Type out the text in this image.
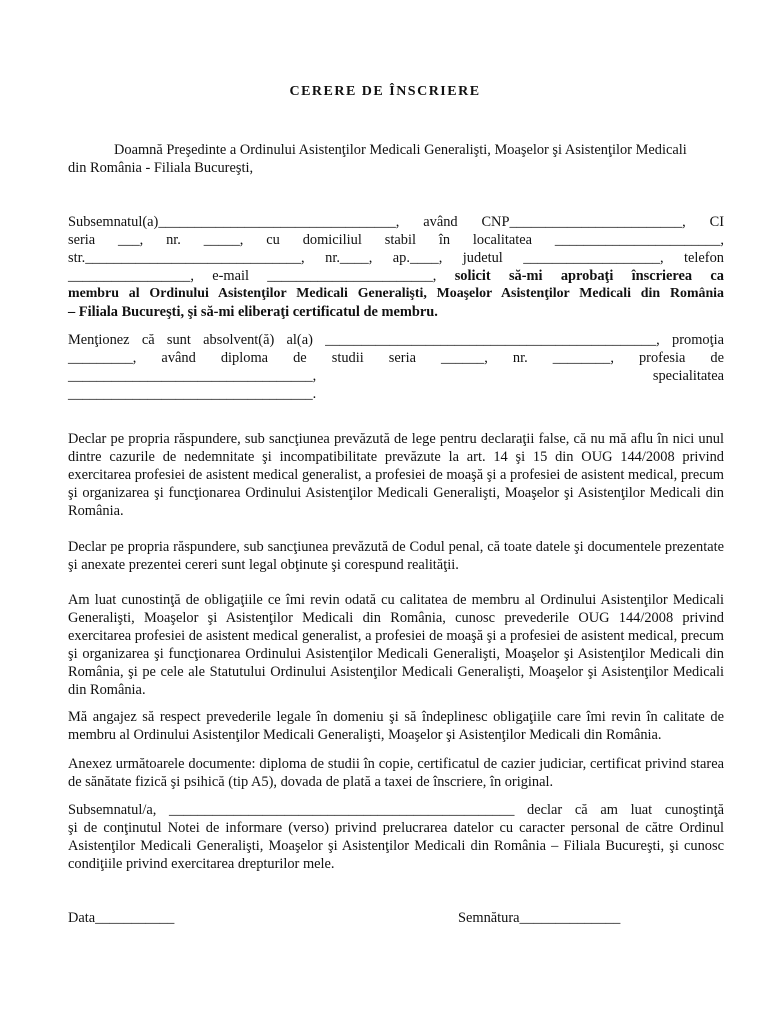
CERERE DE ÎNSCRIERE

Doamnă Preşedinte a Ordinului Asistenţilor Medicali Generalişti, Moaşelor şi Asistenţilor Medicali

din România - Filiala Bucureşti,

Subsemnatul(a)_________________________________, având CNP________________________, CI

seria ___, nr. _____, cu domiciliul stabil în localitatea _______________________,

str.______________________________, nr.____, ap.____, judetul ___________________, telefon

_________________, e-mail _______________________, solicit să-mi aprobaţi înscrierea ca

membru al Ordinului Asistenţilor Medicali Generalişti, Moaşelor Asistenţilor Medicali din România

– Filiala Bucureşti, şi să-mi eliberaţi certificatul de membru.

Menţionez că sunt absolvent(ă) al(a) ______________________________________________, promoţia

_________, având diploma de studii seria ______, nr. ________, profesia de

__________________________________, specialitatea

__________________________________.

Declar pe propria răspundere, sub sancţiunea prevăzută de lege pentru declaraţii false, că nu mă aflu în nici unul dintre cazurile de nedemnitate şi incompatibilitate prevăzute la art. 14 şi 15 din OUG 144/2008 privind exercitarea profesiei de asistent medical generalist, a profesiei de moaşă şi a profesiei de asistent medical, precum şi organizarea şi funcţionarea Ordinului Asistenţilor Medicali Generalişti, Moaşelor şi Asistenţilor Medicali din România.

Declar pe propria răspundere, sub sancţiunea prevăzută de Codul penal, că toate datele şi documentele prezentate şi anexate prezentei cereri sunt legal obţinute şi corespund realităţii.

Am luat cunostinţă de obligaţiile ce îmi revin odată cu calitatea de membru al Ordinului Asistenţilor Medicali Generalişti, Moaşelor şi Asistenţilor Medicali din România, cunosc prevederile OUG 144/2008 privind exercitarea profesiei de asistent medical generalist, a profesiei de moaşă şi a profesiei de asistent medical, precum şi organizarea şi funcţionarea Ordinului Asistenţilor Medicali Generalişti, Moaşelor şi Asistenţilor Medicali din România, şi pe cele ale Statutului Ordinului Asistenţilor Medicali Generalişti, Moaşelor şi Asistenţilor Medicali din România.

Mă angajez să respect prevederile legale în domeniu şi să îndeplinesc obligaţiile care îmi revin în calitate de membru al Ordinului Asistenţilor Medicali Generalişti, Moaşelor şi Asistenţilor Medicali din România.

Anexez următoarele documente: diploma de studii în copie, certificatul de cazier judiciar, certificat privind starea de sănătate fizică şi psihică (tip A5), dovada de plată a taxei de înscriere, în original.

Subsemnatul/a, ________________________________________________ declar că am luat cunoştinţă

şi de conţinutul Notei de informare (verso) privind prelucrarea datelor cu caracter personal de către Ordinul Asistenţilor Medicali Generalişti, Moaşelor şi Asistenţilor Medicali din România – Filiala Bucureşti, şi cunosc condiţiile privind exercitarea drepturilor mele.

Data___________	Semnătura______________
